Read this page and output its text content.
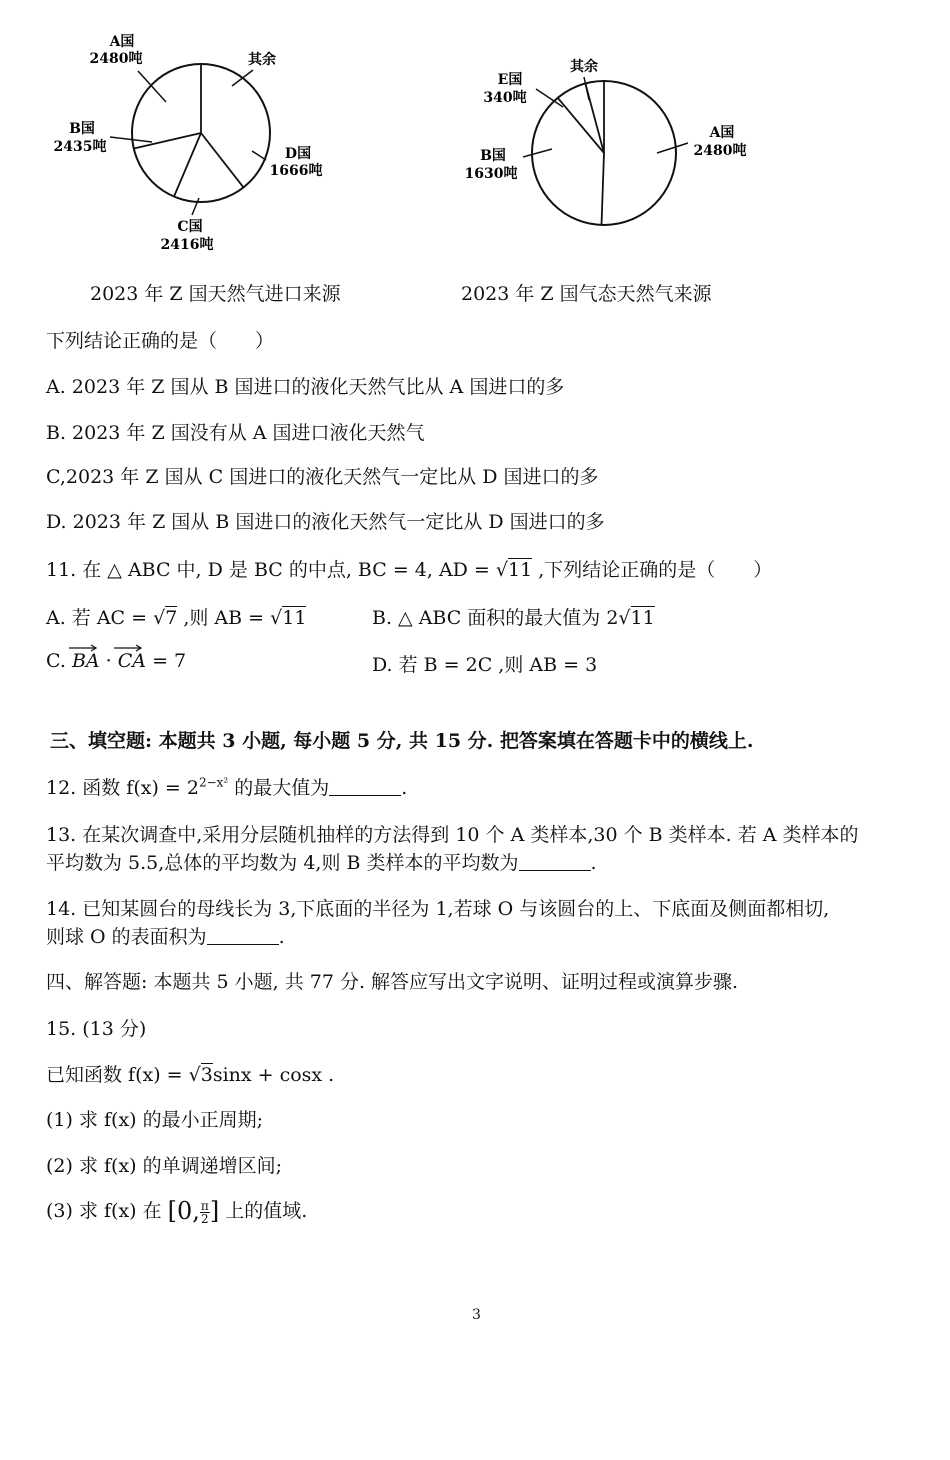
A国
2480吨	其余
B国
2435吨	D国
1666吨
C国
2416吨
其余
E国
340吨
A国
2480吨
B国
1630吨
2023 年 Z 国天然气进口来源	2023 年 Z 国气态天然气来源
下列结论正确的是（　　）
A. 2023 年 Z 国从 B 国进口的液化天然气比从 A 国进口的多
B. 2023 年 Z 国没有从 A 国进口液化天然气
C,2023 年 Z 国从 C 国进口的液化天然气一定比从 D 国进口的多
D. 2023 年 Z 国从 B 国进口的液化天然气一定比从 D 国进口的多
11. 在 △ ABC 中, D 是 BC 的中点, BC = 4, AD = √11 ,下列结论正确的是（　　）
A. 若 AC = √7 ,则 AB = √11	B. △ ABC 面积的最大值为 2√11
C. BA · CA = 7	D. 若 B = 2C ,则 AB = 3
三、填空题: 本题共 3 小题, 每小题 5 分, 共 15 分. 把答案填在答题卡中的横线上.
12. 函数 $f(x) = 2^{2-x^2}$ 的最大值为	.
13. 在某次调查中,采用分层随机抽样的方法得到 10 个 A 类样本,30 个 B 类样本. 若 A 类样本的
平均数为 5.5,总体的平均数为 4,则 B 类样本的平均数为	.
14. 已知某圆台的母线长为 3,下底面的半径为 1,若球 O 与该圆台的上、下底面及侧面都相切,
则球 O 的表面积为	.
四、解答题: 本题共 5 小题, 共 77 分. 解答应写出文字说明、证明过程或演算步骤.
15. (13 分)
已知函数 f(x) = √3sinx + cosx .
(1) 求 f(x) 的最小正周期;
(2) 求 f(x) 的单调递增区间;
(3) 求 f(x) 在 [0, $\frac{\pi}{2}$ ] 上的值域.
3
